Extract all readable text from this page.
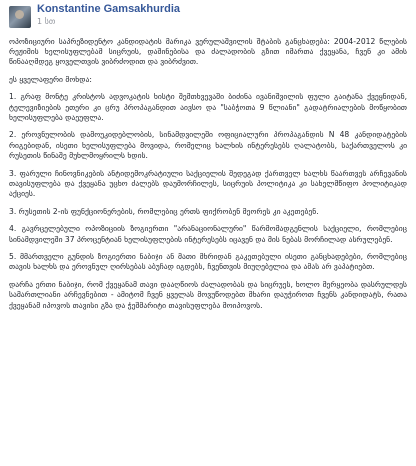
Konstantine Gamsakhurdia
1 სთ

ოპოზიციური საპრეზიდენტო კანდიდატის მარიკა ვერულაშვილის შტაბის განცხადება: 2004-2012 წლების რეჟიმის ხელისუფლებამ სიცრუის, დაშინებისა და ძალადობის გზით იმართა ქვეყანა, ჩვენ კი ამის წინააღმდეგ ყოველთვის ვიბრძოდით და ვიბრძვით.

ეს ყველაფერი მოხდა:

1. გრაფ მონტე კრისტოს ადვოკატის ხისტი შემთხვევაში ბიძინა ივანიშვილის ფული გაიტანა ქვეყნიდან, ტელევიზიების ეთერი კი ცრუ პროპაგანდით აივსო და "საბჭოთა 9 წლიანი" გადატრიალების მოწყობით ხელისუფლება დაეუფლა.

2. ეროვნულობის დამოუკიდებლობის, სინამდვილეში ოფიციალური პროპაგანდის N 48 კანდიდატების რიგებიდან, ისეთი ხელისუფლება მოვიდა, რომელიც ხალხის ინტერესებს ღალატობს, საქართველოს კი რუსეთის წინაშე მუხლმოყრილს ხდის.

3. ფარული ჩინოვნიკების ანტიდემოკრატიული საქციელის შედეგად ქართველ ხალხს წაართვეს არჩევანის თავისუფლება და ქვეყანა უცხო ძალებს დაუმორჩილეს, სიცრუის პოლიტიკა კი სახელმწიფო პოლიტიკად აქციეს.

3. რუსეთის 2-ის ფუნქციონერების, რომლებიც ერთს ფიქრობენ მეორეს კი აკეთებენ.

4. გავრცელებული ოპოზიციის ზოგიერთი "არანაციონალური" წარმომადგენლის საქციელი, რომლებიც სინამდვილეში 37 პროცენტიან ხელისუფლების ინტერესებს იცავენ და მის ნებას მორჩილად ასრულებენ.

5. მმართველი გუნდის ზოგიერთი ნაბიჯი ან მათი მხრიდან გაკეთებული ისეთი განცხადებები, რომლებიც თავის ხალხს და ეროვნულ ღირსებას აბუჩად იგდებს, ჩვენთვის მიუღებელია და ამას არ ვაპატიებთ.

დარჩა ერთი ნაბიჯი, რომ ქვეყანამ თავი დააღწიოს ძალადობას და სიცრუეს, ხოლო მერყეობა დასრულდეს სამართლიანი არჩევნებით - ამიტომ ჩვენ ყველას მოვუწოდებთ მხარი დაუჭიროთ ჩვენს კანდიდატს, რათა ქვეყანამ იპოვოს თავისი გზა და ჭეშმარიტი თავისუფლება მოიპოვოს.
